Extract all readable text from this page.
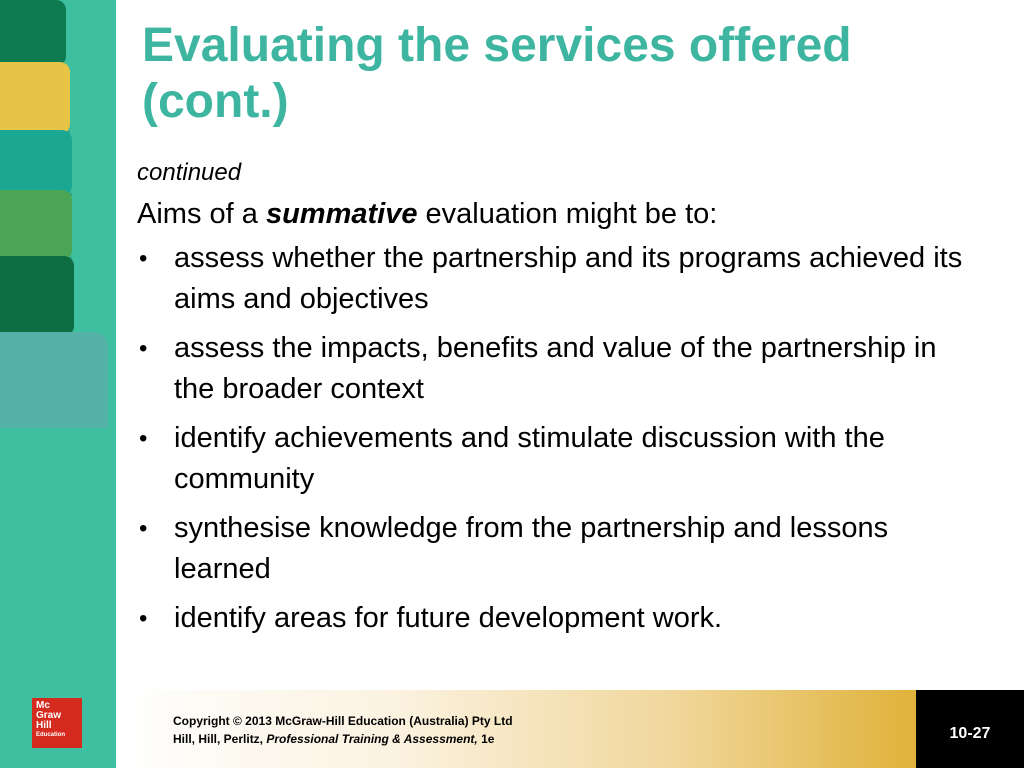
Evaluating the services offered (cont.)

continued

Aims of a summative evaluation might be to:

• assess whether the partnership and its programs achieved its aims and objectives
• assess the impacts, benefits and value of the partnership in the broader context
• identify achievements and stimulate discussion with the community
• synthesise knowledge from the partnership and lessons learned
• identify areas for future development work.
Mc
Graw
Hill
Education
Copyright © 2013 McGraw-Hill Education (Australia) Pty Ltd
Hill, Hill, Perlitz, Professional Training & Assessment, 1e	10-27
